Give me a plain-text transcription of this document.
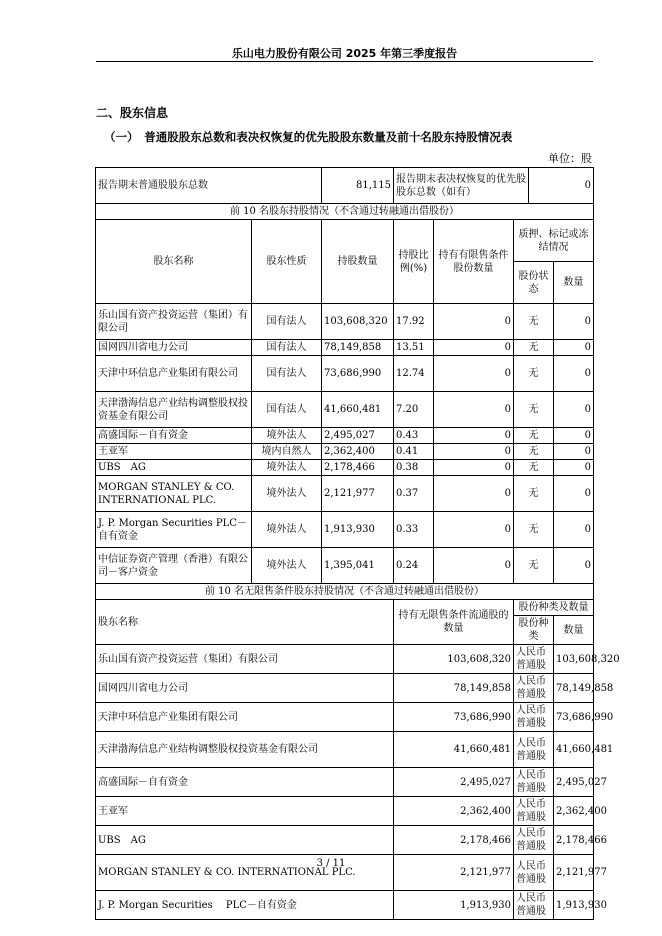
乐山电力股份有限公司 2025 年第三季度报告
二、股东信息
（一）　普通股股东总数和表决权恢复的优先股股东数量及前十名股东持股情况表
单位：股
报告期末普通股股东总数		81,115	报告期末表决权恢复的优先股股东总数（如有）			0	
前 10 名股东持股情况（不含通过转融通出借股份）							
股东名称	股东性质	持股数量	持股比例(%)	持有有限售条件股份数量	质押、标记或冻结情况		
					股份状态		数量
乐山国有资产投资运营（集团）有限公司	国有法人	103,608,320	17.92	0	无		0
国网四川省电力公司	国有法人	78,149,858	13.51	0	无		0
天津中环信息产业集团有限公司	国有法人	73,686,990	12.74	0	无		0
天津渤海信息产业结构调整股权投资基金有限公司	国有法人	41,660,481	7.20	0	无		0
高盛国际－自有资金	境外法人	2,495,027	0.43	0	无		0
王亚军	境内自然人	2,362,400	0.41	0	无		0
UBS　AG	境外法人	2,178,466	0.38	0	无		0
MORGAN STANLEY & CO. INTERNATIONAL PLC.	境外法人	2,121,977	0.37	0	无		0
J. P. Morgan Securities PLC－自有资金	境外法人	1,913,930	0.33	0	无		0
中信证券资产管理（香港）有限公司－客户资金	境外法人	1,395,041	0.24	0	无		0
前 10 名无限售条件股东持股情况（不含通过转融通出借股份）							
股东名称			持有无限售条件流通股的数量		股份种类及数量		
					股份种类		数量
乐山国有资产投资运营（集团）有限公司			103,608,320		人民币普通股		103,608,320
国网四川省电力公司			78,149,858		人民币普通股		78,149,858
天津中环信息产业集团有限公司			73,686,990		人民币普通股		73,686,990
天津渤海信息产业结构调整股权投资基金有限公司			41,660,481		人民币普通股		41,660,481
高盛国际－自有资金			2,495,027		人民币普通股		2,495,027
王亚军			2,362,400		人民币普通股		2,362,400
UBS　AG			2,178,466		人民币普通股		2,178,466
MORGAN STANLEY & CO. INTERNATIONAL PLC.			2,121,977		人民币普通股		2,121,977
J. P. Morgan Securities　 PLC－自有资金			1,913,930		人民币普通股		1,913,930
3 / 11
